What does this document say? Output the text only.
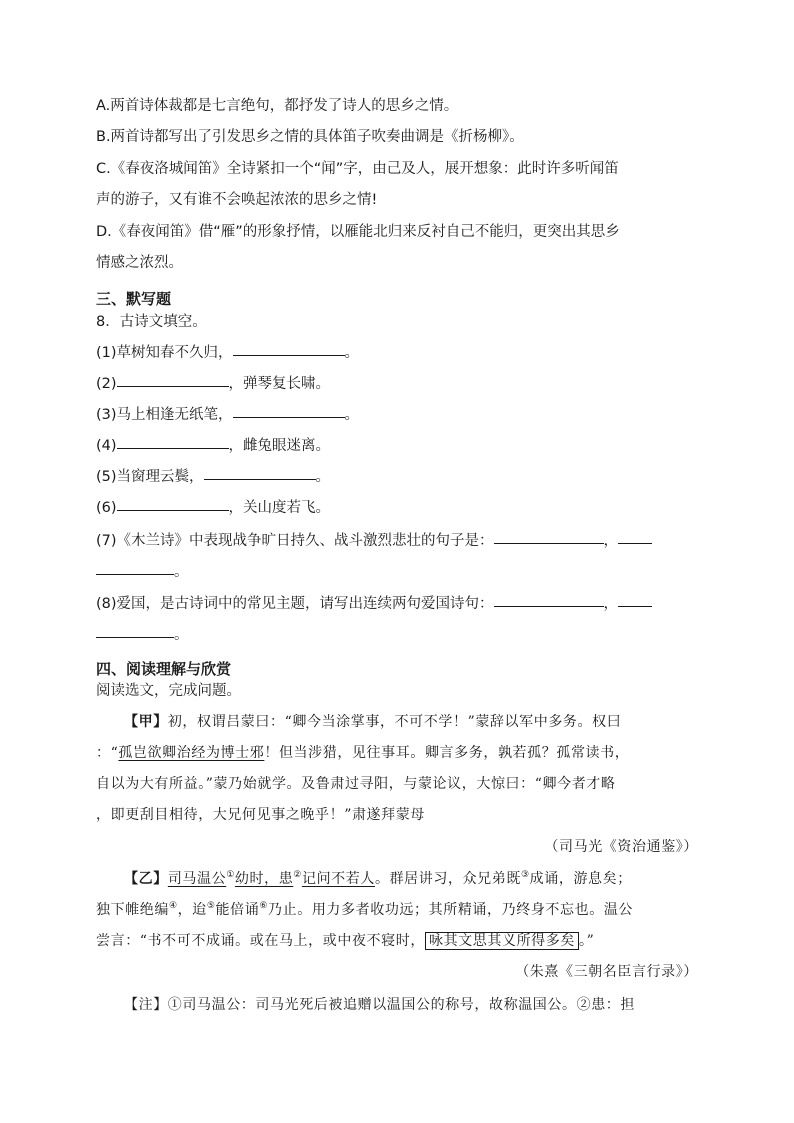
A.两首诗体裁都是七言绝句，都抒发了诗人的思乡之情。
B.两首诗都写出了引发思乡之情的具体笛子吹奏曲调是《折杨柳》。
C.《春夜洛城闻笛》全诗紧扣一个“闻”字，由己及人，展开想象：此时许多听闻笛
声的游子，又有谁不会唤起浓浓的思乡之情!
D.《春夜闻笛》借“雁”的形象抒情，以雁能北归来反衬自己不能归，更突出其思乡
情感之浓烈。
三、默写题
8．古诗文填空。
(1)草树知春不久归，	。
(2)	，弹琴复长啸。
(3)马上相逢无纸笔，	。
(4)	，雌兔眼迷离。
(5)当窗理云鬓，	。
(6)	，关山度若飞。
(7)《木兰诗》中表现战争旷日持久、战斗激烈悲壮的句子是：	，
。
(8)爱国，是古诗词中的常见主题，请写出连续两句爱国诗句：	，
。
四、阅读理解与欣赏
阅读选文，完成问题。
【甲】初，权谓吕蒙曰：“卿今当涂掌事，不可不学！”蒙辞以军中多务。权曰
：“孤岂欲卿治经为博士邪！但当涉猎，见往事耳。卿言多务，孰若孤？孤常读书，
自以为大有所益。”蒙乃始就学。及鲁肃过寻阳，与蒙论议，大惊曰：“卿今者才略
，即更刮目相待，大兄何见事之晚乎！”肃遂拜蒙母
（司马光《资治通鉴》）
【乙】司马温公①幼时，患②记问不若人。群居讲习，众兄弟既③成诵，游息矣；
独下帷绝编④，迨⑤能倍诵⑥乃止。用力多者收功远；其所精诵，乃终身不忘也。温公
尝言：“书不可不成诵。或在马上，或中夜不寝时， 咏其文思其义所得多矣 。”
（朱熹《三朝名臣言行录》）
【注】①司马温公：司马光死后被追赠以温国公的称号，故称温国公。②患：担
